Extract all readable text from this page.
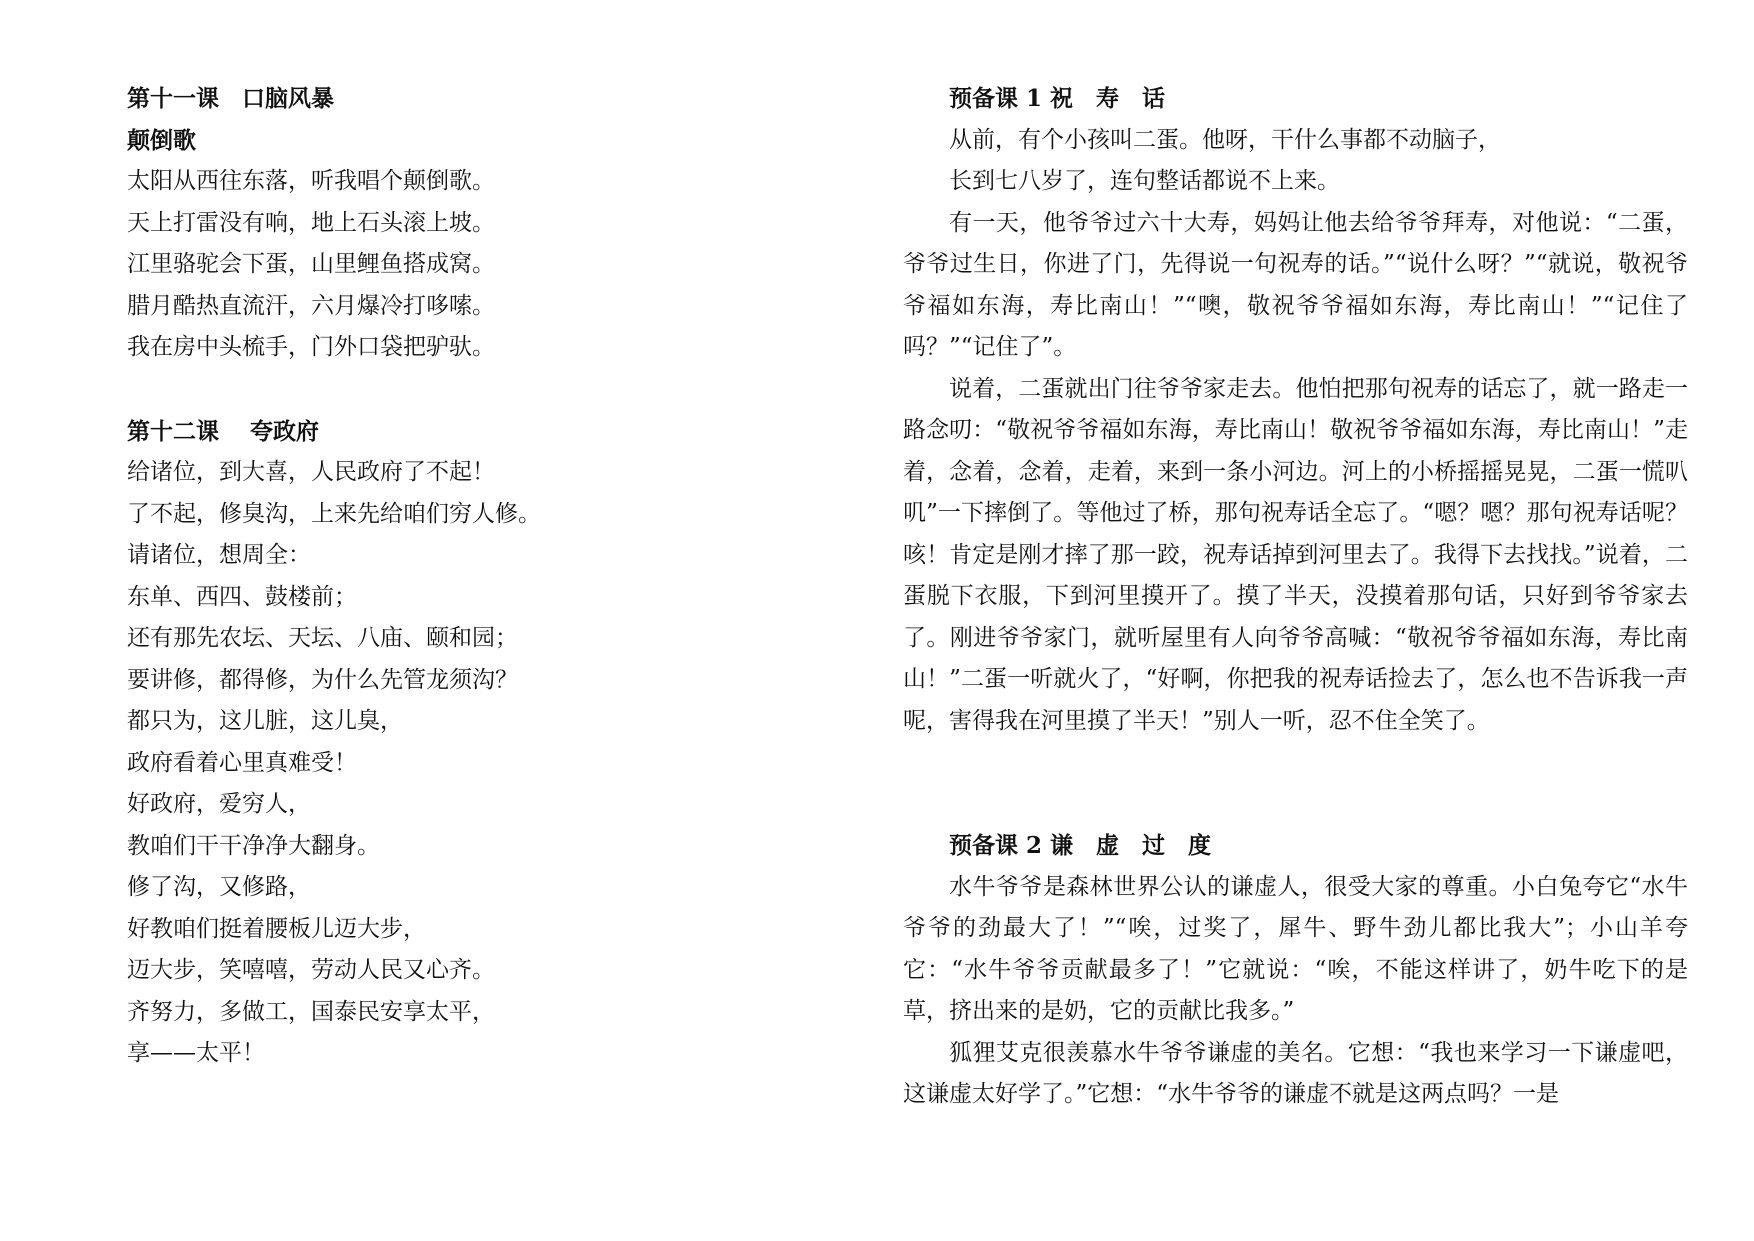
第十一课　口脑风暴
颠倒歌
太阳从西往东落，听我唱个颠倒歌。
天上打雷没有响，地上石头滚上坡。
江里骆驼会下蛋，山里鲤鱼搭成窝。
腊月酷热直流汗，六月爆冷打哆嗦。
我在房中头梳手，门外口袋把驴驮。
第十二课　 夸政府
给诸位，到大喜，人民政府了不起！
了不起，修臭沟，上来先给咱们穷人修。
请诸位，想周全：
东单、西四、鼓楼前；
还有那先农坛、天坛、八庙、颐和园；
要讲修，都得修，为什么先管龙须沟？
都只为，这儿脏，这儿臭，
政府看着心里真难受！
好政府，爱穷人，
教咱们干干净净大翻身。
修了沟，又修路，
好教咱们挺着腰板儿迈大步，
迈大步，笑嘻嘻，劳动人民又心齐。
齐努力，多做工，国泰民安享太平，
享——太平！
预备课 1 祝　寿　话
从前，有个小孩叫二蛋。他呀，干什么事都不动脑子，
长到七八岁了，连句整话都说不上来。

有一天，他爷爷过六十大寿，妈妈让他去给爷爷拜寿，对他说：“二蛋，爷爷过生日，你进了门，先得说一句祝寿的话。”“说什么呀？”“就说，敬祝爷爷福如东海，寿比南山！”“噢，敬祝爷爷福如东海，寿比南山！”“记住了吗？”“记住了”。

说着，二蛋就出门往爷爷家走去。他怕把那句祝寿的话忘了，就一路走一路念叨：“敬祝爷爷福如东海，寿比南山！敬祝爷爷福如东海，寿比南山！”走着，念着，念着，走着，来到一条小河边。河上的小桥摇摇晃晃，二蛋一慌叭叽”一下摔倒了。等他过了桥，那句祝寿话全忘了。“嗯？嗯？那句祝寿话呢？咳！肯定是刚才摔了那一跤，祝寿话掉到河里去了。我得下去找找。”说着，二蛋脱下衣服，下到河里摸开了。摸了半天，没摸着那句话，只好到爷爷家去了。刚进爷爷家门，就听屋里有人向爷爷高喊：“敬祝爷爷福如东海，寿比南山！”二蛋一听就火了，“好啊，你把我的祝寿话捡去了，怎么也不告诉我一声呢，害得我在河里摸了半天！”别人一听，忍不住全笑了。

预备课 2 谦　虚　过　度

水牛爷爷是森林世界公认的谦虚人，很受大家的尊重。小白兔夸它“水牛爷爷的劲最大了！”“唉，过奖了，犀牛、野牛劲儿都比我大”；小山羊夸它：“水牛爷爷贡献最多了！”它就说：“唉，不能这样讲了，奶牛吃下的是草，挤出来的是奶，它的贡献比我多。”

狐狸艾克很羡慕水牛爷爷谦虚的美名。它想：“我也来学习一下谦虚吧，这谦虚太好学了。”它想：“水牛爷爷的谦虚不就是这两点吗？一是
